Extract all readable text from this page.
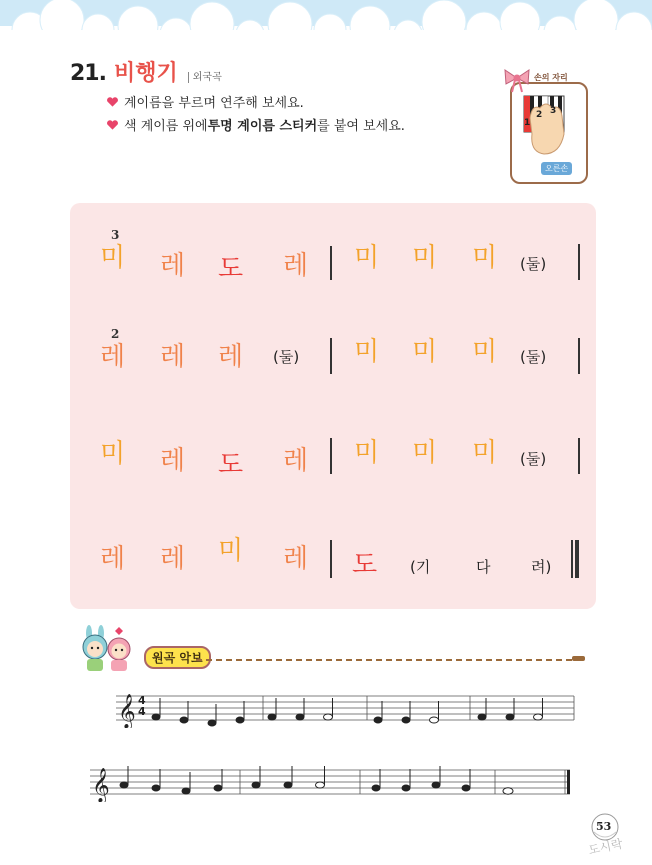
21. 비행기	외국곡
계이름을 부르며 연주해 보세요.
색 계이름 위에 투명 계이름 스티커 를 붙여 보세요.
손의 자리
1
2 3
오른손
3
미 레 도 레 미 미 미 (둘)
2
레 레 레 (둘) 미 미 미 (둘)
미 레 도 레 미 미 미 (둘)
레 레 미 레 도 (기	다	려)
원곡 악보
𝄞 4
4
𝄞
53
도시락
